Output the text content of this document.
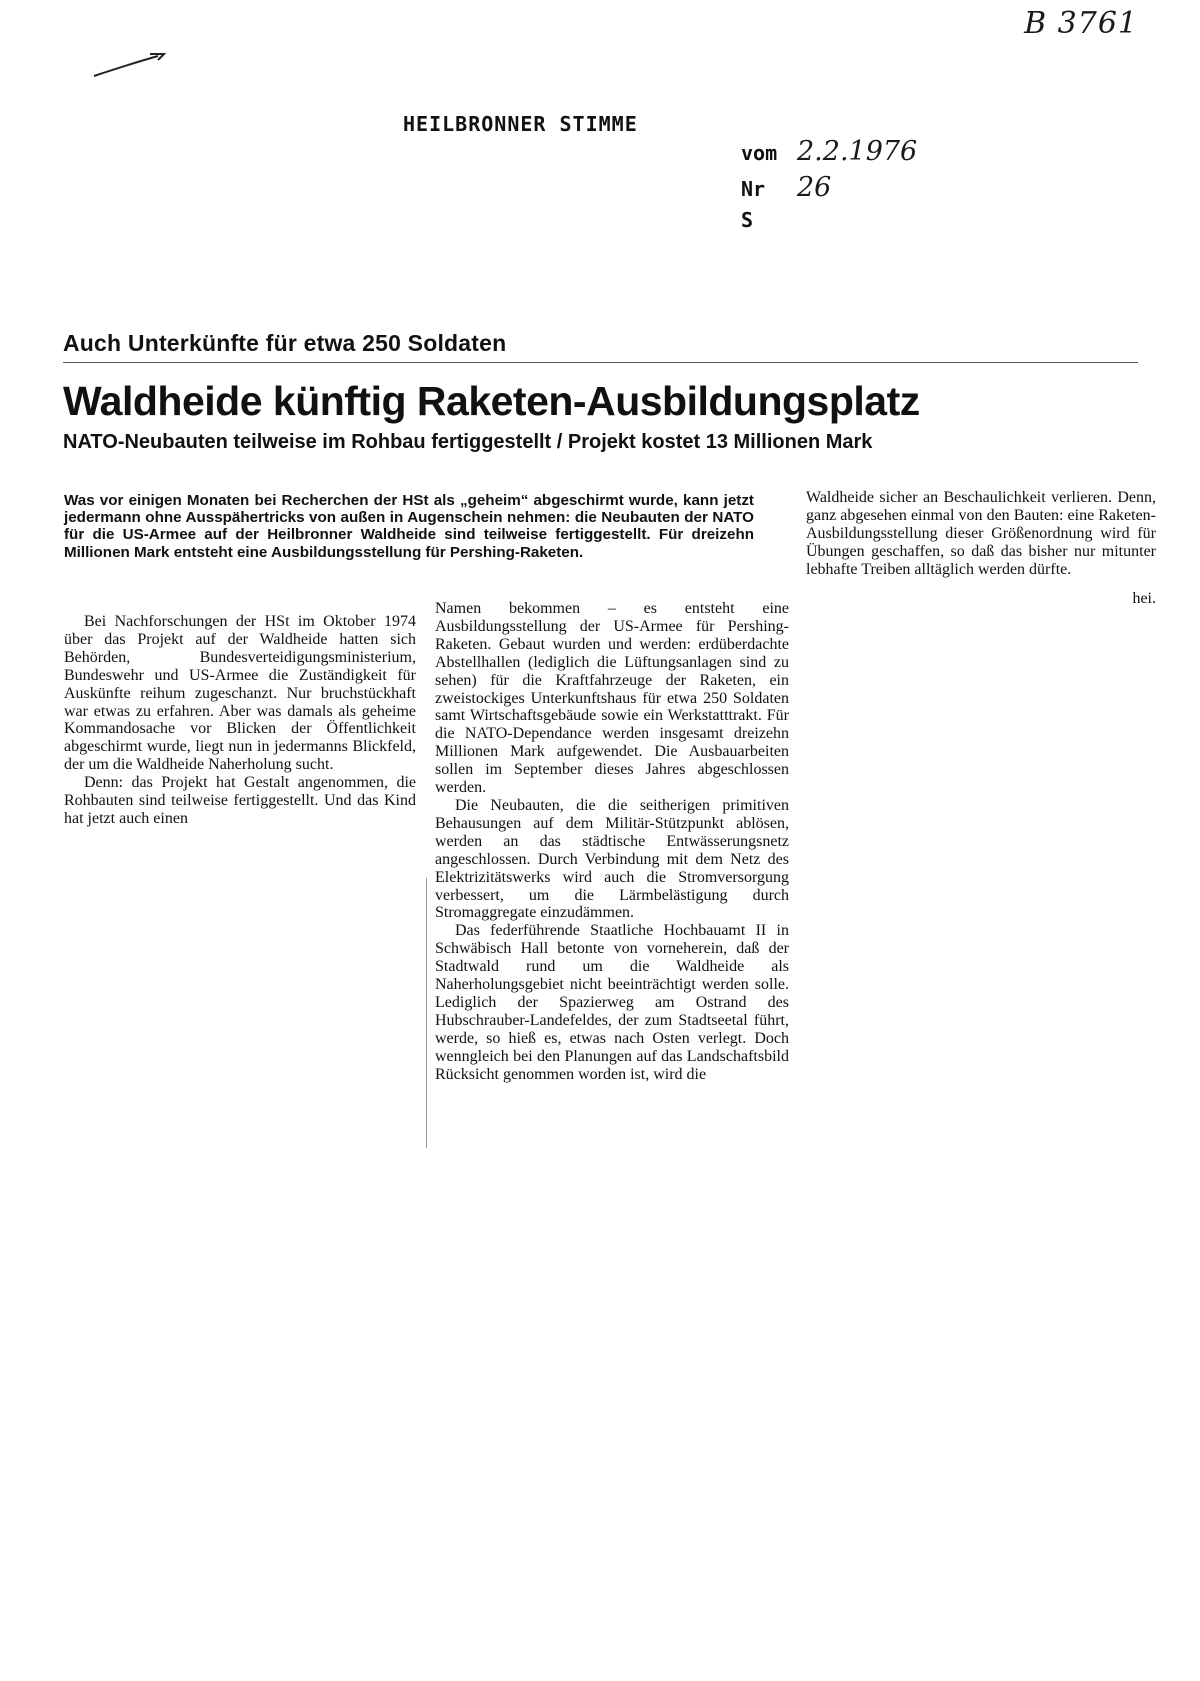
B 3761
HEILBRONNER STIMME
vom 2.2.1976
Nr 26
S
Auch Unterkünfte für etwa 250 Soldaten
Waldheide künftig Raketen-Ausbildungsplatz
NATO-Neubauten teilweise im Rohbau fertiggestellt / Projekt kostet 13 Millionen Mark
Was vor einigen Monaten bei Recherchen der HSt als „geheim“ abgeschirmt wurde, kann jetzt jedermann ohne Ausspähertricks von außen in Augenschein nehmen: die Neubauten der NATO für die US-Armee auf der Heilbronner Waldheide sind teilweise fertiggestellt. Für dreizehn Millionen Mark entsteht eine Ausbildungsstellung für Pershing-Raketen.

Bei Nachforschungen der HSt im Oktober 1974 über das Projekt auf der Waldheide hatten sich Behörden, Bundesverteidigungsministerium, Bundeswehr und US-Armee die Zuständigkeit für Auskünfte reihum zugeschanzt. Nur bruchstückhaft war etwas zu erfahren. Aber was damals als geheime Kommandosache vor Blicken der Öffentlichkeit abgeschirmt wurde, liegt nun in jedermanns Blickfeld, der um die Waldheide Naherholung sucht.

Denn: das Projekt hat Gestalt angenommen, die Rohbauten sind teilweise fertiggestellt. Und das Kind hat jetzt auch einen

Namen bekommen – es entsteht eine Ausbildungsstellung der US-Armee für Pershing-Raketen. Gebaut wurden und werden: erdüberdachte Abstellhallen (lediglich die Lüftungsanlagen sind zu sehen) für die Kraftfahrzeuge der Raketen, ein zweistockiges Unterkunftshaus für etwa 250 Soldaten samt Wirtschaftsgebäude sowie ein Werkstatttrakt. Für die NATO-Dependance werden insgesamt dreizehn Millionen Mark aufgewendet. Die Ausbauarbeiten sollen im September dieses Jahres abgeschlossen werden.

Die Neubauten, die die seitherigen primitiven Behausungen auf dem Militär-Stützpunkt ablösen, werden an das städtische Entwässerungsnetz angeschlossen. Durch Verbindung mit dem Netz des Elektrizitätswerks wird auch die Stromversorgung verbessert, um die Lärmbelästigung durch Stromaggregate einzudämmen.

Das federführende Staatliche Hochbauamt II in Schwäbisch Hall betonte von vorneherein, daß der Stadtwald rund um die Waldheide als Naherholungsgebiet nicht beeinträchtigt werden solle. Lediglich der Spazierweg am Ostrand des Hubschrauber-Landefeldes, der zum Stadtseetal führt, werde, so hieß es, etwas nach Osten verlegt. Doch wenngleich bei den Planungen auf das Landschaftsbild Rücksicht genommen worden ist, wird die

Waldheide sicher an Beschaulichkeit verlieren. Denn, ganz abgesehen einmal von den Bauten: eine Raketen-Ausbildungsstellung dieser Größenordnung wird für Übungen geschaffen, so daß das bisher nur mitunter lebhafte Treiben alltäglich werden dürfte.

hei.
